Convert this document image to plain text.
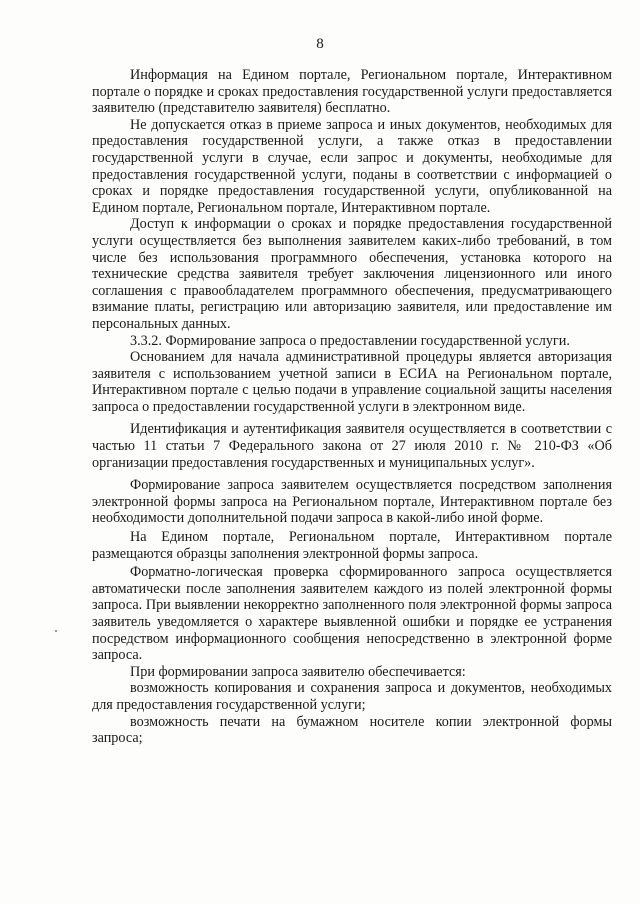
8

Информация на Едином портале, Региональном портале, Интерактивном портале о порядке и сроках предоставления государственной услуги предоставляется заявителю (представителю заявителя) бесплатно.

Не допускается отказ в приеме запроса и иных документов, необходимых для предоставления государственной услуги, а также отказ в предоставлении государственной услуги в случае, если запрос и документы, необходимые для предоставления государственной услуги, поданы в соответствии с информацией о сроках и порядке предоставления государственной услуги, опубликованной на Едином портале, Региональном портале, Интерактивном портале.

Доступ к информации о сроках и порядке предоставления государственной услуги осуществляется без выполнения заявителем каких-либо требований, в том числе без использования программного обеспечения, установка которого на технические средства заявителя требует заключения лицензионного или иного соглашения с правообладателем программного обеспечения, предусматривающего взимание платы, регистрацию или авторизацию заявителя, или предоставление им персональных данных.

3.3.2. Формирование запроса о предоставлении государственной услуги.

Основанием для начала административной процедуры является авторизация заявителя с использованием учетной записи в ЕСИА на Региональном портале, Интерактивном портале с целью подачи в управление социальной защиты населения запроса о предоставлении государственной услуги в электронном виде.

Идентификация и аутентификация заявителя осуществляется в соответствии с частью 11 статьи 7 Федерального закона от 27 июля 2010 г. № 210-ФЗ «Об организации предоставления государственных и муниципальных услуг».

Формирование запроса заявителем осуществляется посредством заполнения электронной формы запроса на Региональном портале, Интерактивном портале без необходимости дополнительной подачи запроса в какой-либо иной форме.

На Едином портале, Региональном портале, Интерактивном портале размещаются образцы заполнения электронной формы запроса.

Форматно-логическая проверка сформированного запроса осуществляется автоматически после заполнения заявителем каждого из полей электронной формы запроса. При выявлении некорректно заполненного поля электронной формы запроса заявитель уведомляется о характере выявленной ошибки и порядке ее устранения посредством информационного сообщения непосредственно в электронной форме запроса.

При формировании запроса заявителю обеспечивается:

возможность копирования и сохранения запроса и документов, необходимых для предоставления государственной услуги;

возможность печати на бумажном носителе копии электронной формы запроса;
